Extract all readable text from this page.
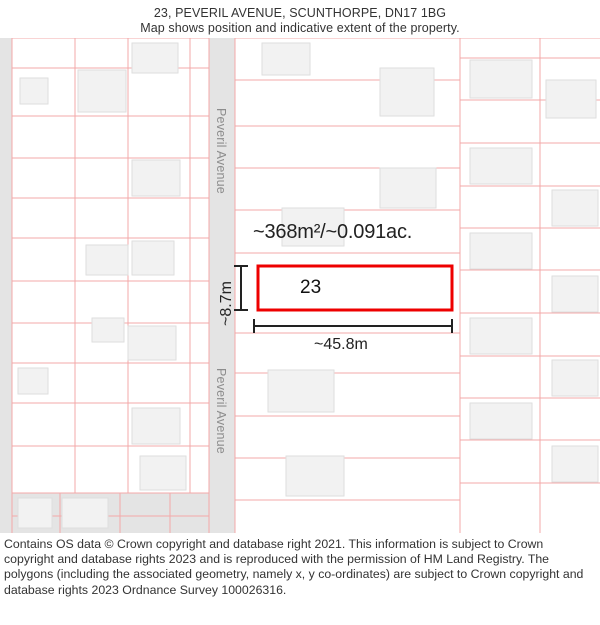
23, PEVERIL AVENUE, SCUNTHORPE, DN17 1BG
Map shows position and indicative extent of the property.
Peveril Avenue
Peveril Avenue
~368m²/~0.091ac.
23
~45.8m
~8.7m

Contains OS data © Crown copyright and database right 2021. This information is subject to Crown copyright and database rights 2023 and is reproduced with the permission of HM Land Registry. The polygons (including the associated geometry, namely x, y co-ordinates) are subject to Crown copyright and database rights 2023 Ordnance Survey 100026316.
